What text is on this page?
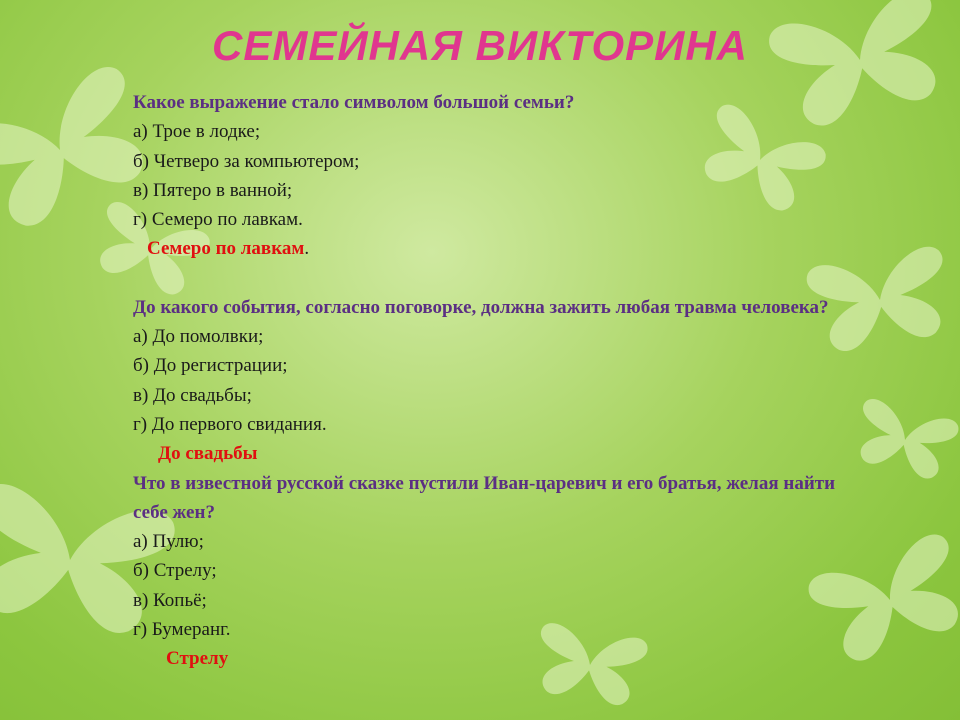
СЕМЕЙНАЯ ВИКТОРИНА

Какое выражение стало символом большой семьи?

а) Трое в лодке;

б) Четверо за компьютером;

в) Пятеро в ванной;

г) Семеро по лавкам.

Семеро по лавкам.

До какого события, согласно поговорке, должна зажить любая травма человека?

а) До помолвки;

б) До регистрации;

в) До свадьбы;

г) До первого свидания.

До свадьбы

Что в известной русской сказке пустили Иван-царевич и его братья, желая найти себе жен?

а) Пулю;

б) Стрелу;

в) Копьё;

г) Бумеранг.

Стрелу
